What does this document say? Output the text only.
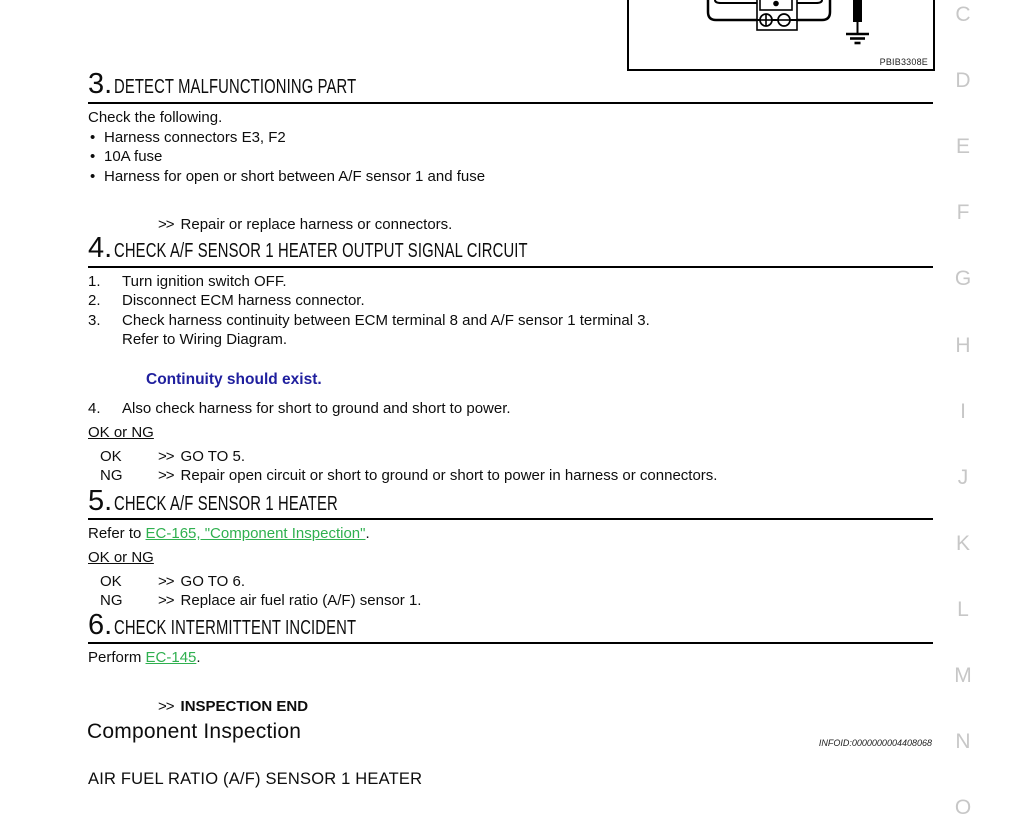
PBIB3308E
C
D
E
F
G
H
I
J
K
L
M
N
O
3. DETECT MALFUNCTIONING PART
Check the following.
• Harness connectors E3, F2
• 10A fuse
• Harness for open or short between A/F sensor 1 and fuse
>> Repair or replace harness or connectors.
4. CHECK A/F SENSOR 1 HEATER OUTPUT SIGNAL CIRCUIT
1. Turn ignition switch OFF.
2. Disconnect ECM harness connector.
3. Check harness continuity between ECM terminal 8 and A/F sensor 1 terminal 3.
Refer to Wiring Diagram.
Continuity should exist.
4. Also check harness for short to ground and short to power.
OK or NG
OK >> GO TO 5.
NG >> Repair open circuit or short to ground or short to power in harness or connectors.
5. CHECK A/F SENSOR 1 HEATER
Refer to EC-165, "Component Inspection".
OK or NG
OK >> GO TO 6.
NG >> Replace air fuel ratio (A/F) sensor 1.
6. CHECK INTERMITTENT INCIDENT
Perform EC-145.
>> INSPECTION END
Component Inspection	INFOID:0000000004408068
AIR FUEL RATIO (A/F) SENSOR 1 HEATER
